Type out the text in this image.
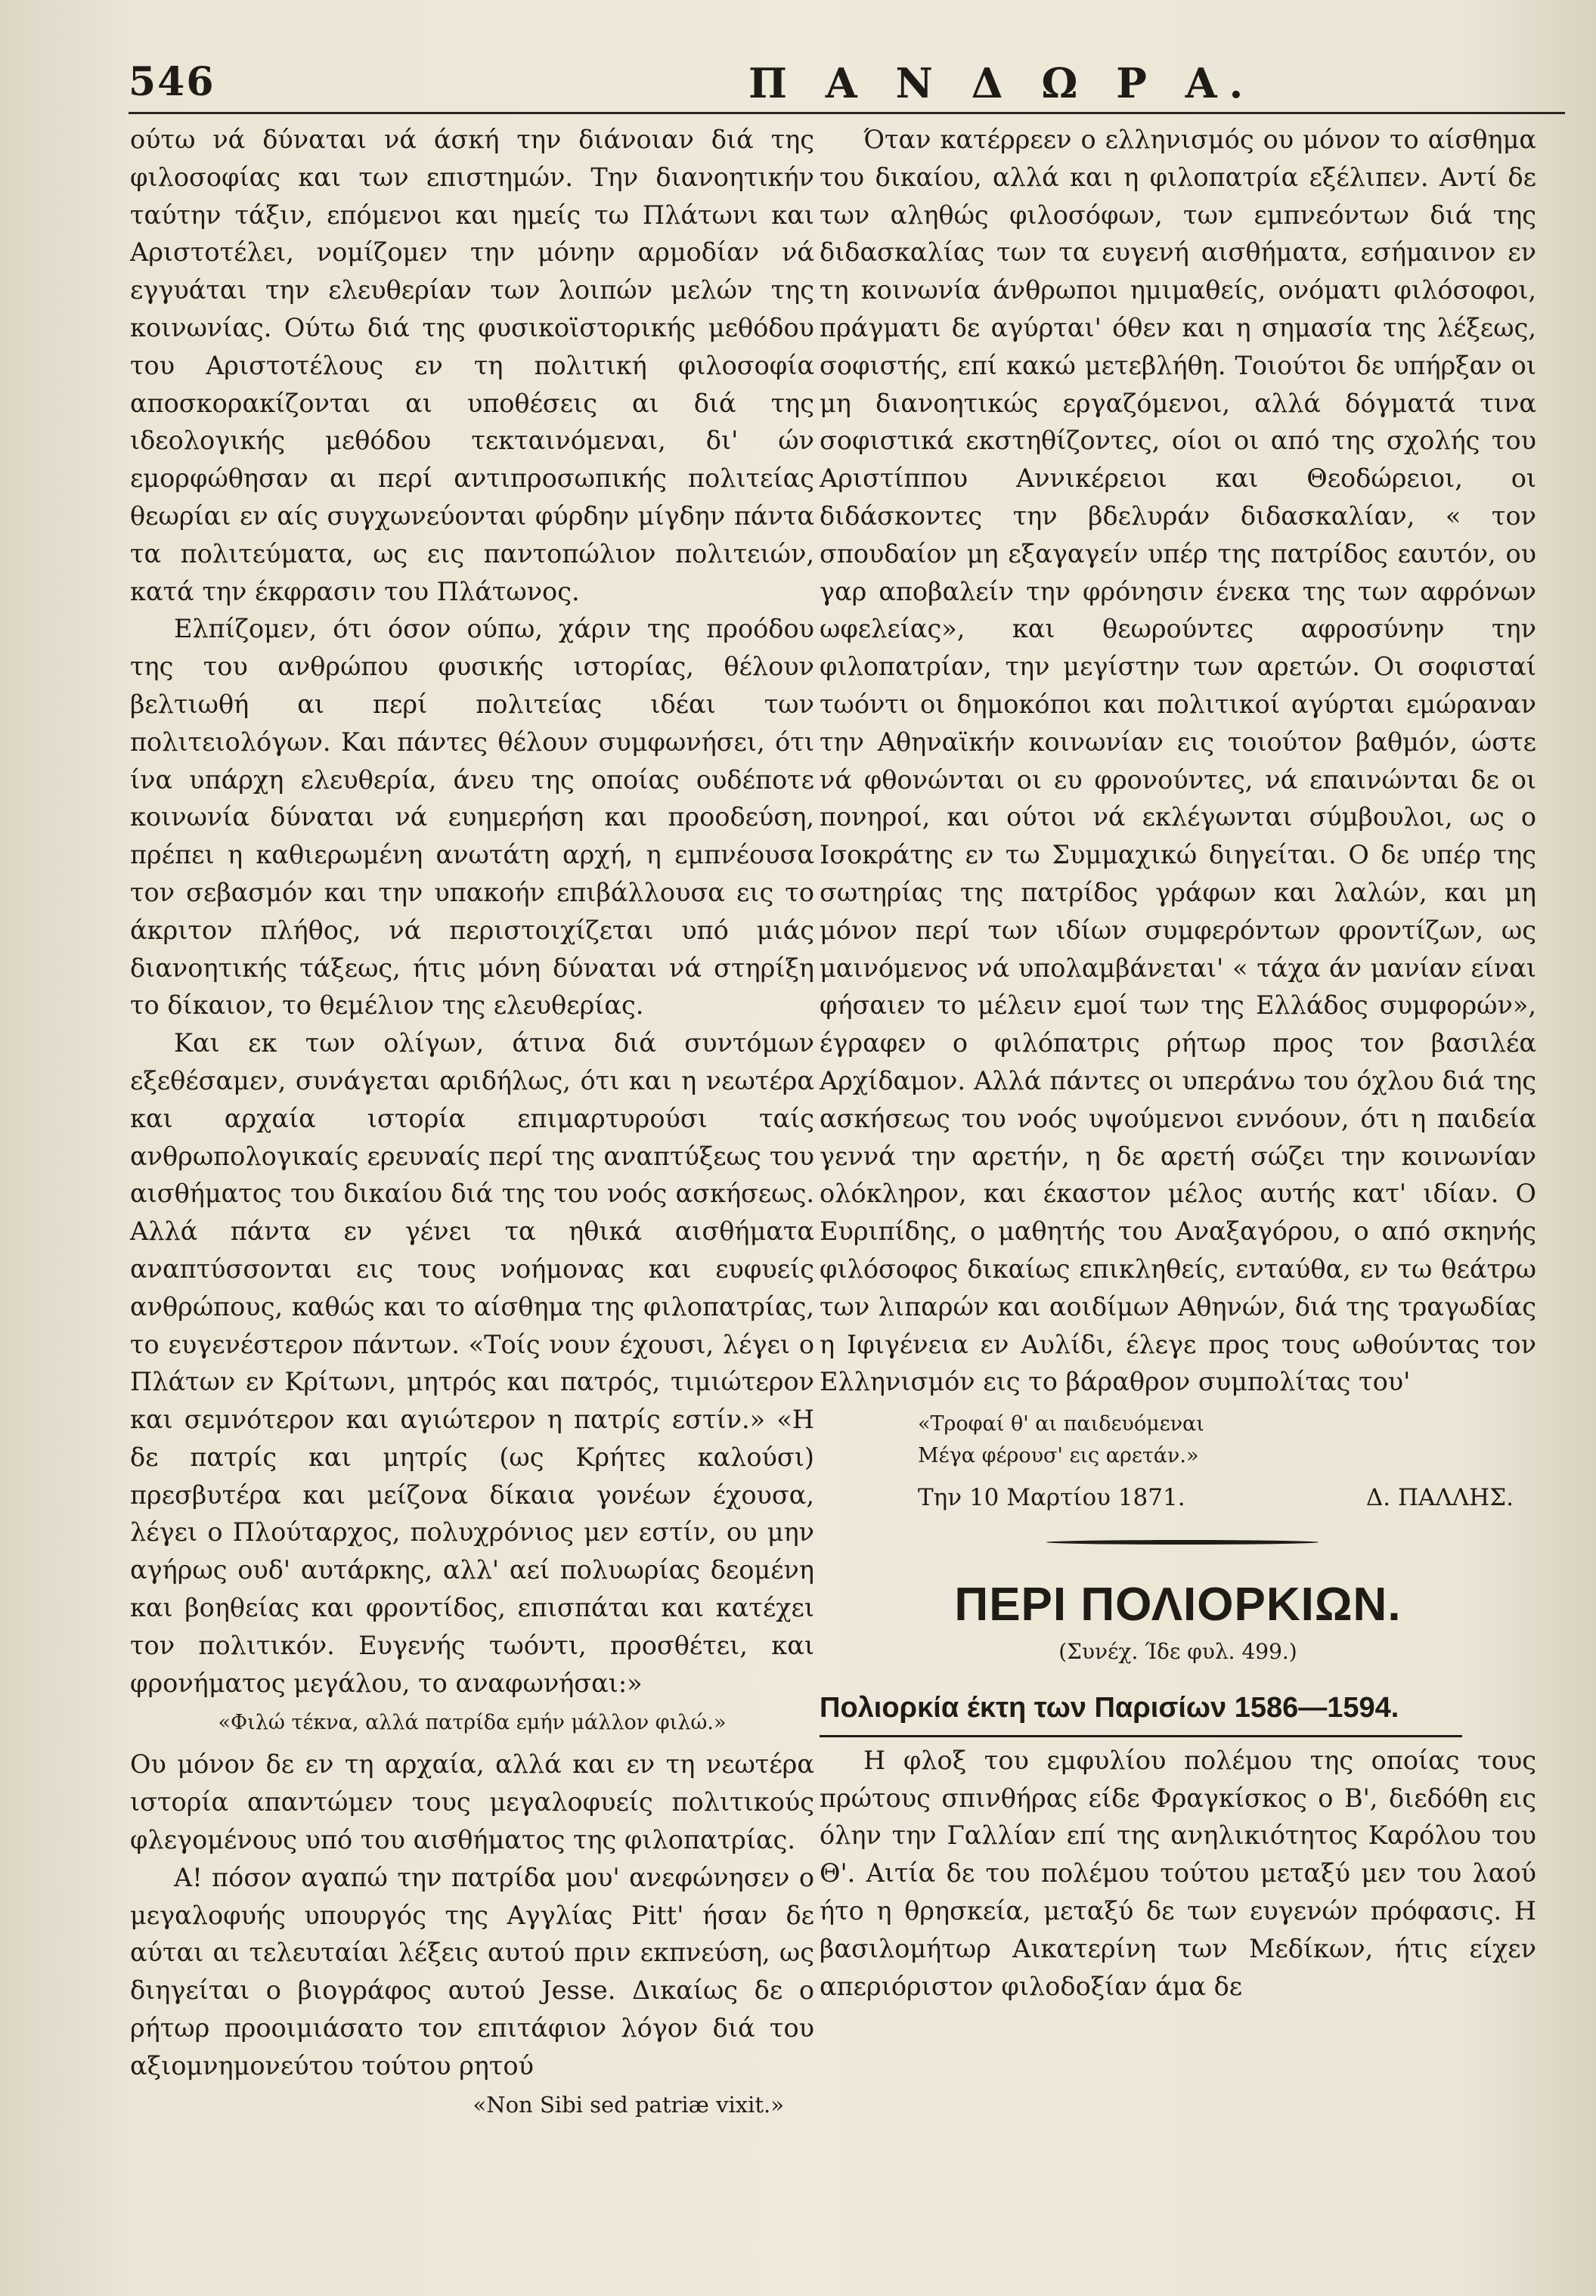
546	Π Α Ν Δ Ω Ρ Α.

ούτω νά δύναται νά άσκή την διάνοιαν διά της φιλοσοφίας και των επιστημών. Την διανοητικήν ταύτην τάξιν, επόμενοι και ημείς τω Πλάτωνι και Αριστοτέλει, νομίζομεν την μόνην αρμοδίαν νά εγγυάται την ελευθερίαν των λοιπών μελών της κοινωνίας. Ούτω διά της φυσικοϊστορικής μεθόδου του Αριστοτέλους εν τη πολιτική φιλοσοφία αποσκορακίζονται αι υποθέσεις αι διά της ιδεολογικής μεθόδου τεκταινόμεναι, δι' ών εμορφώθησαν αι περί αντιπροσωπικής πολιτείας θεωρίαι εν αίς συγχωνεύονται φύρδην μίγδην πάντα τα πολιτεύματα, ως εις παντοπώλιον πολιτειών, κατά την έκφρασιν του Πλάτωνος.

Ελπίζομεν, ότι όσον ούπω, χάριν της προόδου της του ανθρώπου φυσικής ιστορίας, θέλουν βελτιωθή αι περί πολιτείας ιδέαι των πολιτειολόγων. Και πάντες θέλουν συμφωνήσει, ότι ίνα υπάρχη ελευθερία, άνευ της οποίας ουδέποτε κοινωνία δύναται νά ευημερήση και προοδεύση, πρέπει η καθιερωμένη ανωτάτη αρχή, η εμπνέουσα τον σεβασμόν και την υπακοήν επιβάλλουσα εις το άκριτον πλήθος, νά περιστοιχίζεται υπό μιάς διανοητικής τάξεως, ήτις μόνη δύναται νά στηρίξη το δίκαιον, το θεμέλιον της ελευθερίας.

Και εκ των ολίγων, άτινα διά συντόμων εξεθέσαμεν, συνάγεται αριδήλως, ότι και η νεωτέρα και αρχαία ιστορία επιμαρτυρούσι ταίς ανθρωπολογικαίς ερευναίς περί της αναπτύξεως του αισθήματος του δικαίου διά της του νοός ασκήσεως. Αλλά πάντα εν γένει τα ηθικά αισθήματα αναπτύσσονται εις τους νοήμονας και ευφυείς ανθρώπους, καθώς και το αίσθημα της φιλοπατρίας, το ευγενέστερον πάντων. «Τοίς νουν έχουσι, λέγει ο Πλάτων εν Κρίτωνι, μητρός και πατρός, τιμιώτερον και σεμνότερον και αγιώτερον η πατρίς εστίν.» «Η δε πατρίς και μητρίς (ως Κρήτες καλούσι) πρεσβυτέρα και μείζονα δίκαια γονέων έχουσα, λέγει ο Πλούταρχος, πολυχρόνιος μεν εστίν, ου μην αγήρως ουδ' αυτάρκης, αλλ' αεί πολυωρίας δεομένη και βοηθείας και φροντίδος, επισπάται και κατέχει τον πολιτικόν. Ευγενής τωόντι, προσθέτει, και φρονήματος μεγάλου, το αναφωνήσαι:»

«Φιλώ τέκνα, αλλά πατρίδα εμήν μάλλον φιλώ.»

Ου μόνον δε εν τη αρχαία, αλλά και εν τη νεωτέρα ιστορία απαντώμεν τους μεγαλοφυείς πολιτικούς φλεγομένους υπό του αισθήματος της φιλοπατρίας.

Α! πόσον αγαπώ την πατρίδα μου' ανεφώνησεν ο μεγαλοφυής υπουργός της Αγγλίας Pitt' ήσαν δε αύται αι τελευταίαι λέξεις αυτού πριν εκπνεύση, ως διηγείται ο βιογράφος αυτού Jesse. Δικαίως δε ο ρήτωρ προοιμιάσατο τον επιτάφιον λόγον διά του αξιομνημονεύτου τούτου ρητού

«Non Sibi sed patriæ vixit.»

Όταν κατέρρεεν ο ελληνισμός ου μόνον το αίσθημα του δικαίου, αλλά και η φιλοπατρία εξέλιπεν. Αντί δε των αληθώς φιλοσόφων, των εμπνεόντων διά της διδασκαλίας των τα ευγενή αισθήματα, εσήμαινον εν τη κοινωνία άνθρωποι ημιμαθείς, ονόματι φιλόσοφοι, πράγματι δε αγύρται' όθεν και η σημασία της λέξεως, σοφιστής, επί κακώ μετεβλήθη. Τοιούτοι δε υπήρξαν οι μη διανοητικώς εργαζόμενοι, αλλά δόγματά τινα σοφιστικά εκστηθίζοντες, οίοι οι από της σχολής του Αριστίππου Αννικέρειοι και Θεοδώρειοι, οι διδάσκοντες την βδελυράν διδασκαλίαν, « τον σπουδαίον μη εξαγαγείν υπέρ της πατρίδος εαυτόν, ου γαρ αποβαλείν την φρόνησιν ένεκα της των αφρόνων ωφελείας», και θεωρούντες αφροσύνην την φιλοπατρίαν, την μεγίστην των αρετών. Οι σοφισταί τωόντι οι δημοκόποι και πολιτικοί αγύρται εμώραναν την Αθηναϊκήν κοινωνίαν εις τοιούτον βαθμόν, ώστε νά φθονώνται οι ευ φρονούντες, νά επαινώνται δε οι πονηροί, και ούτοι νά εκλέγωνται σύμβουλοι, ως ο Ισοκράτης εν τω Συμμαχικώ διηγείται. Ο δε υπέρ της σωτηρίας της πατρίδος γράφων και λαλών, και μη μόνον περί των ιδίων συμφερόντων φροντίζων, ως μαινόμενος νά υπολαμβάνεται' « τάχα άν μανίαν είναι φήσαιεν το μέλειν εμοί των της Ελλάδος συμφορών», έγραφεν ο φιλόπατρις ρήτωρ προς τον βασιλέα Αρχίδαμον. Αλλά πάντες οι υπεράνω του όχλου διά της ασκήσεως του νοός υψούμενοι εννόουν, ότι η παιδεία γεννά την αρετήν, η δε αρετή σώζει την κοινωνίαν ολόκληρον, και έκαστον μέλος αυτής κατ' ιδίαν. Ο Ευριπίδης, ο μαθητής του Αναξαγόρου, ο από σκηνής φιλόσοφος δικαίως επικληθείς, ενταύθα, εν τω θεάτρω των λιπαρών και αοιδίμων Αθηνών, διά της τραγωδίας η Ιφιγένεια εν Αυλίδι, έλεγε προς τους ωθούντας τον Ελληνισμόν εις το βάραθρον συμπολίτας του'

«Τροφαί θ' αι παιδευόμεναι

Μέγα φέρουσ' εις αρετάν.»

Την 10 Μαρτίου 1871.	Δ. ΠΑΛΛΗΣ.

ΠΕΡΙ ΠΟΛΙΟΡΚΙΩΝ.

(Συνέχ. Ίδε φυλ. 499.)

Πολιορκία έκτη των Παρισίων 1586—1594.

Η φλοξ του εμφυλίου πολέμου της οποίας τους πρώτους σπινθήρας είδε Φραγκίσκος ο Β', διεδόθη εις όλην την Γαλλίαν επί της ανηλικιότητος Καρόλου του Θ'. Αιτία δε του πολέμου τούτου μεταξύ μεν του λαού ήτο η θρησκεία, μεταξύ δε των ευγενών πρόφασις. Η βασιλομήτωρ Αικατερίνη των Μεδίκων, ήτις είχεν απεριόριστον φιλοδοξίαν άμα δε
